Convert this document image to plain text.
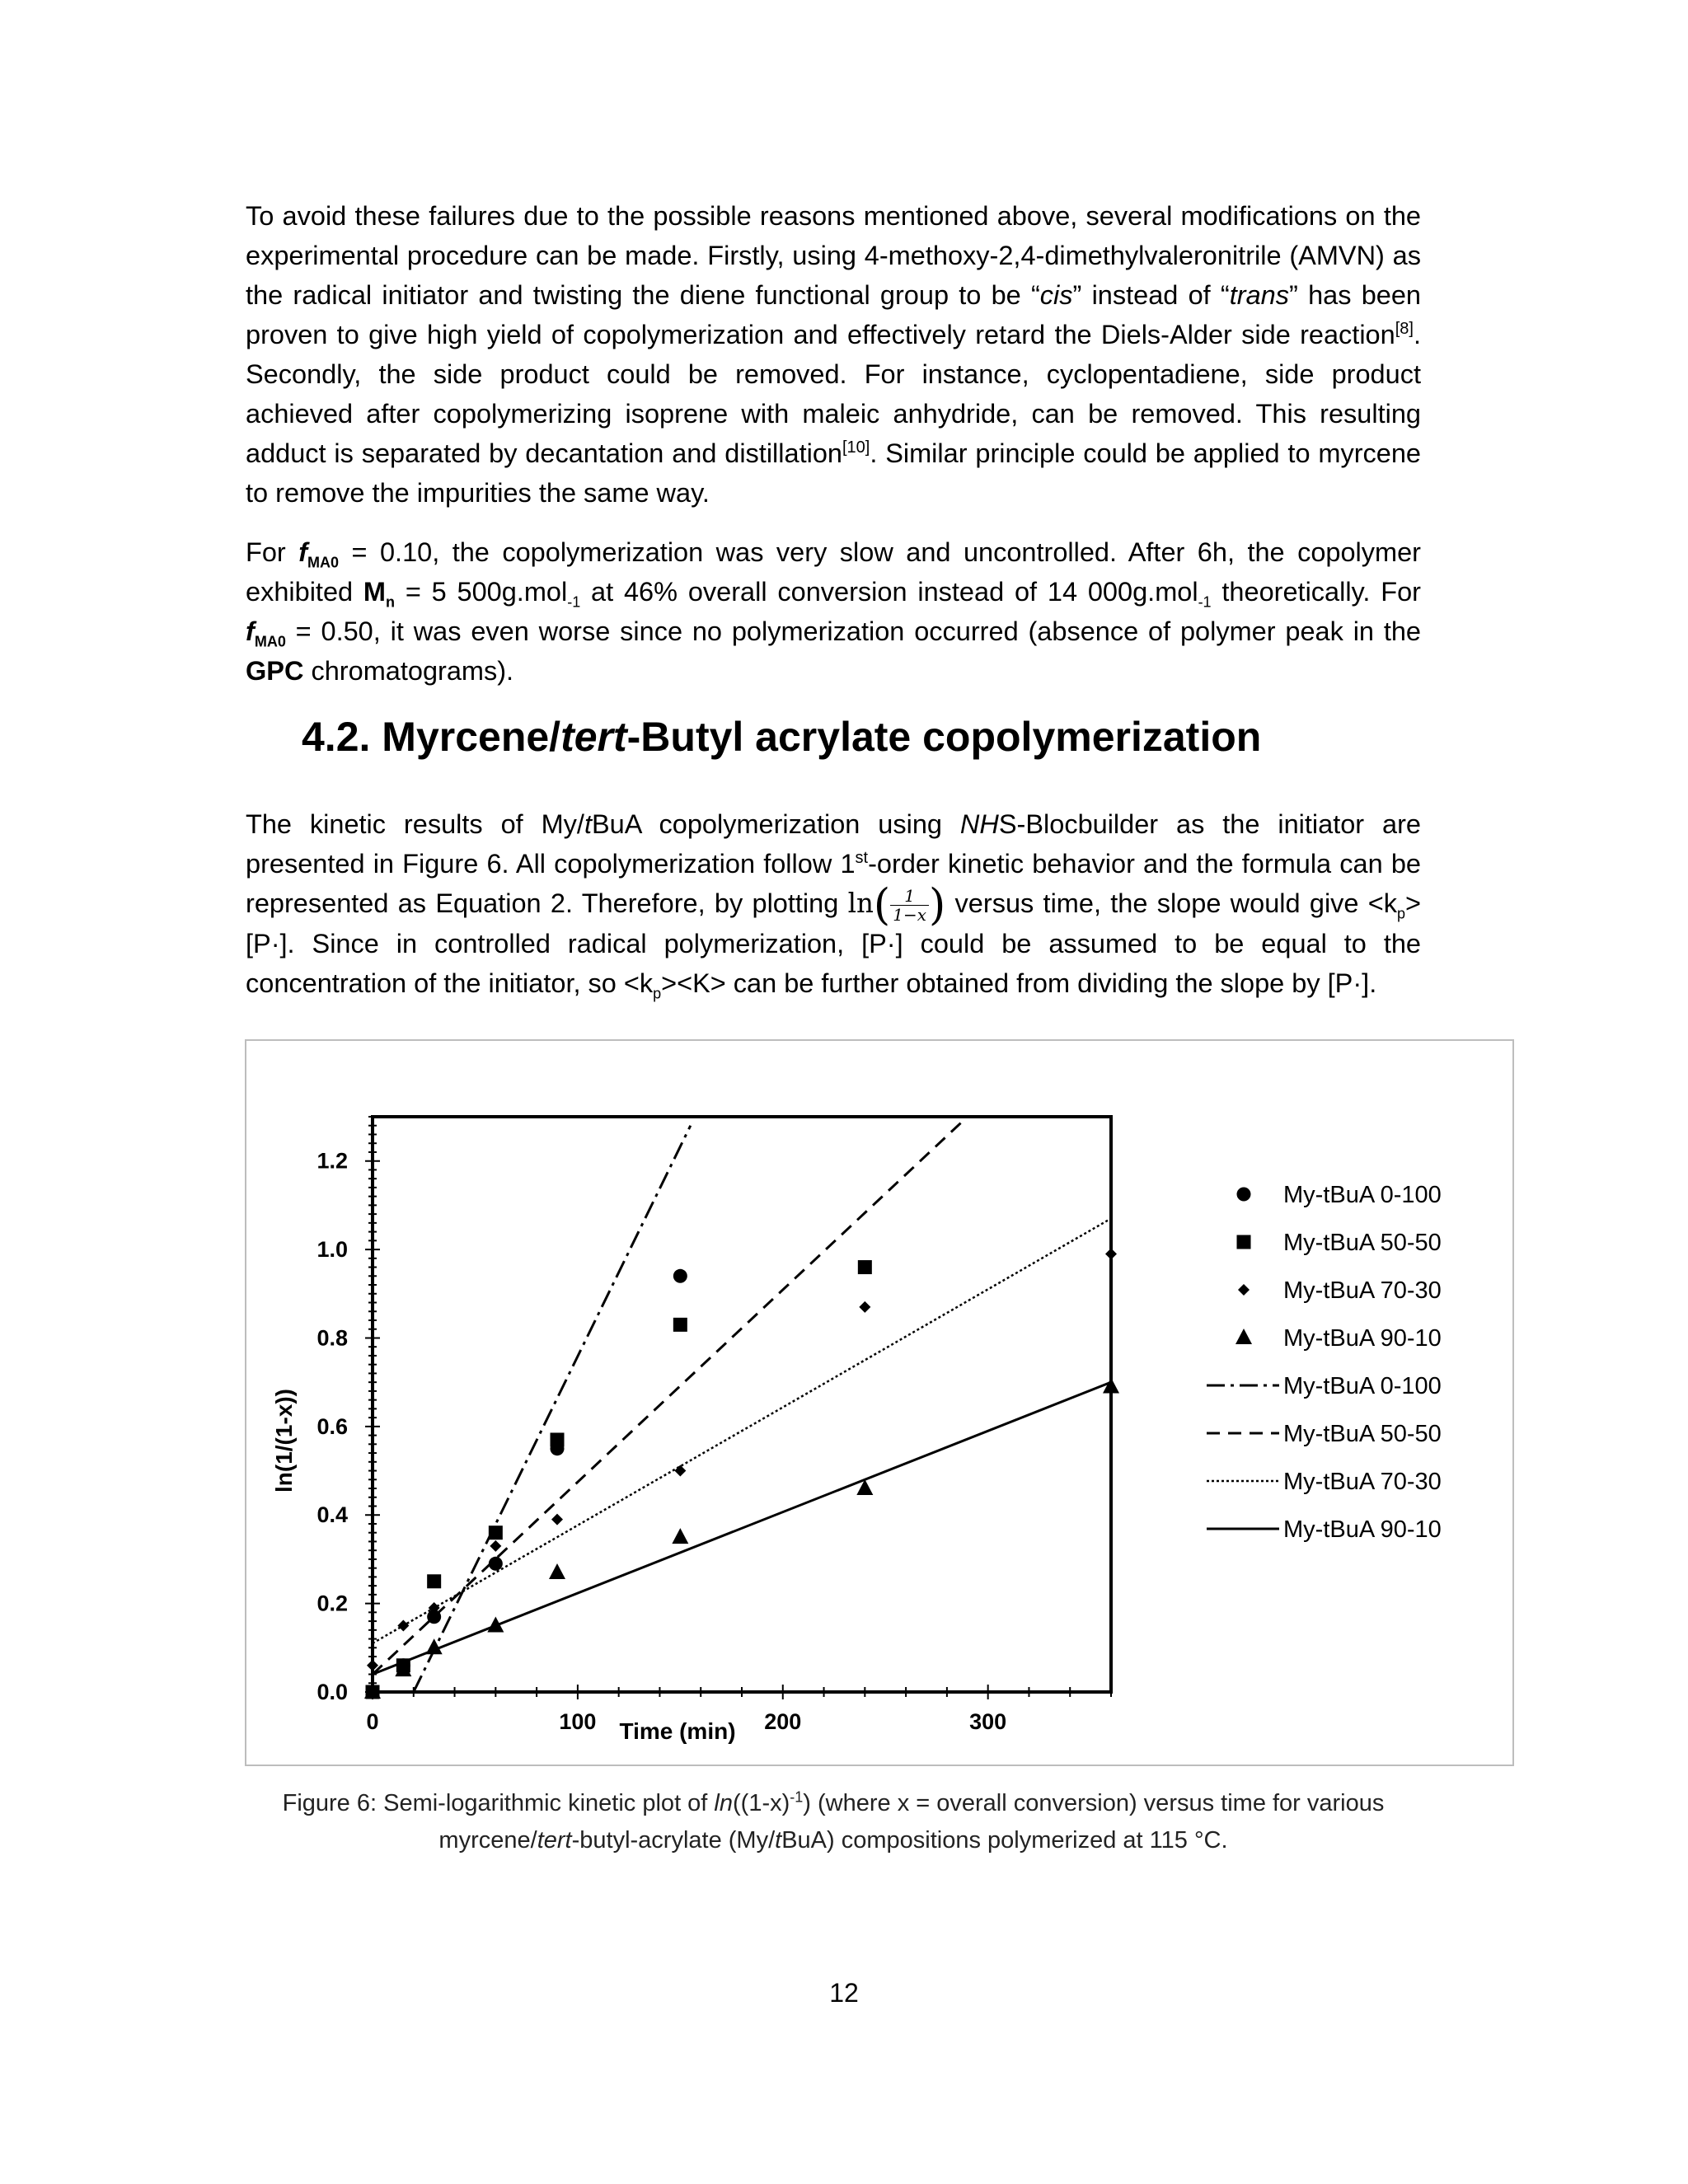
To avoid these failures due to the possible reasons mentioned above, several modifications on the experimental procedure can be made. Firstly, using 4-methoxy-2,4-dimethylvaleronitrile (AMVN) as the radical initiator and twisting the diene functional group to be “cis” instead of “trans” has been proven to give high yield of copolymerization and effectively retard the Diels-Alder side reaction[8]. Secondly, the side product could be removed. For instance, cyclopentadiene, side product achieved after copolymerizing isoprene with maleic anhydride, can be removed. This resulting adduct is separated by decantation and distillation[10]. Similar principle could be applied to myrcene to remove the impurities the same way.

For $f_{MA0} = 0.10$, the copolymerization was very slow and uncontrolled. After 6h, the copolymer exhibited $M_n = 5$ 500g.mol$_{-1}$ at 46% overall conversion instead of 14 000g.mol$_{-1}$ theoretically. For $f_{MA0} = 0.50$, it was even worse since no polymerization occurred (absence of polymer peak in the GPC chromatograms).

4.2. Myrcene/tert-Butyl acrylate copolymerization

The kinetic results of My/tBuA copolymerization using NHS-Blocbuilder as the initiator are presented in Figure 6. All copolymerization follow 1st-order kinetic behavior and the formula can be represented as Equation 2. Therefore, by plotting $\ln( \frac{1}{1-x}$ ) versus time, the slope would give $<k_p> [P\cdot]$. Since in controlled radical polymerization, [P·] could be assumed to be equal to the concentration of the initiator, so $<k_p><K>$ can be further obtained from dividing the slope by [P·].

0.0
0.2
0.4
0.6
0.8
1.0
1.2
0	100	200	300
My-tBuA 0-100
My-tBuA 50-50
My-tBuA 70-30
My-tBuA 90-10
My-tBuA 0-100
My-tBuA 50-50
My-tBuA 70-30
My-tBuA 90-10
ln(1/(1-x))
Time (min)

Figure 6: Semi-logarithmic kinetic plot of $\ln((1-x)^{-1})$ (where x = overall conversion) versus time for various myrcene/tert-butyl-acrylate (My/tBuA) compositions polymerized at 115 °C.

12
